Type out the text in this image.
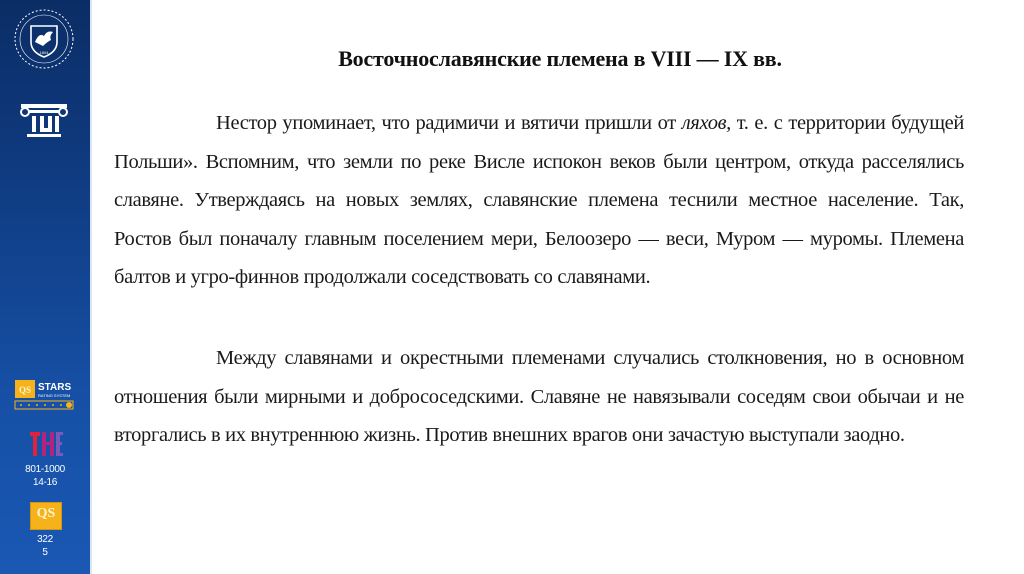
1804
QS STARS
RATING SYSTEM
801-1000
14-16
QS
322
5
Восточнославянские племена в VIII — IX вв.
Нестор упоминает, что радимичи и вятичи пришли от ляхов, т. е. с территории будущей Польши». Вспомним, что земли по реке Висле испокон веков были центром, откуда расселялись славяне. Утверждаясь на новых землях, славянские племена теснили местное население. Так, Ростов был поначалу главным поселением мери, Белоозеро — веси, Муром — муромы. Племена балтов и угро-финнов продолжали соседствовать со славянами.
Между славянами и окрестными племенами случались столкновения, но в основном отношения были мирными и добрососедскими. Славяне не навязывали соседям свои обычаи и не вторгались в их внутреннюю жизнь. Против внешних врагов они зачастую выступали заодно.
